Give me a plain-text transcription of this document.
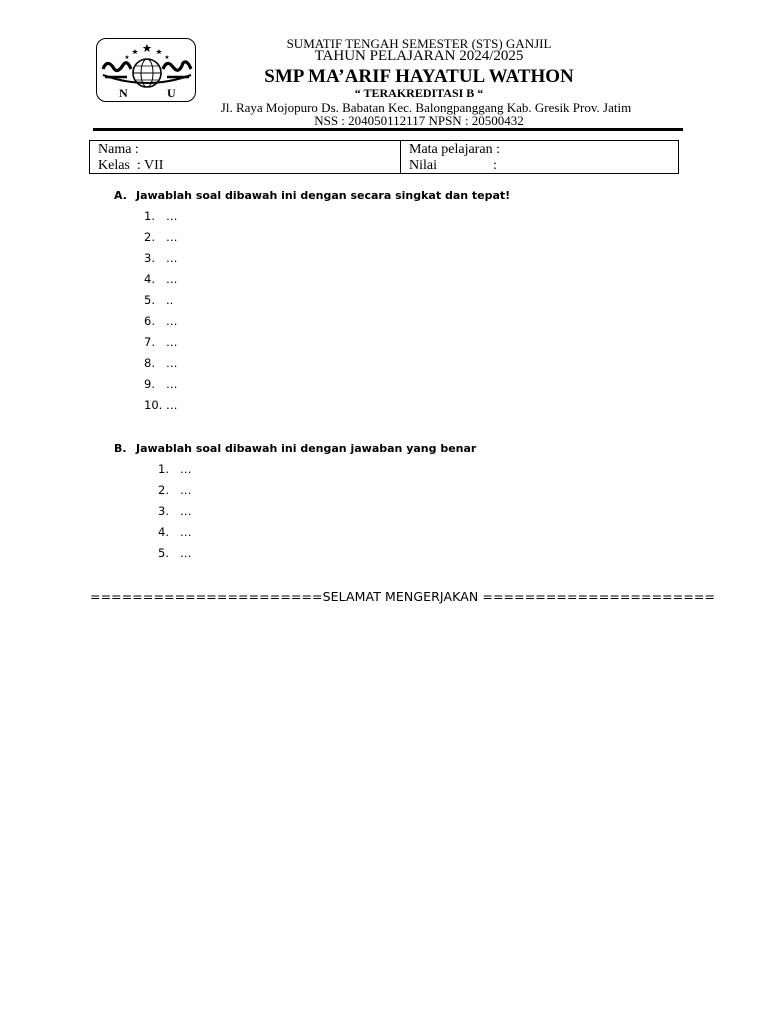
N	U
SUMATIF TENGAH SEMESTER (STS) GANJIL
TAHUN PELAJARAN 2024/2025
SMP MA’ARIF HAYATUL WATHON
“ TERAKREDITASI B “
Jl. Raya Mojopuro Ds. Babatan Kec. Balongpanggang Kab. Gresik Prov. Jatim
NSS : 204050112117 NPSN : 20500432
Nama :
Kelas  : VII
Mata pelajaran :
Nilai                :
A. Jawablah soal dibawah ini dengan secara singkat dan tepat!
1. …
2. …
3. …
4. …
5. ..
6. …
7. …
8. …
9. …
10. …
B. Jawablah soal dibawah ini dengan jawaban yang benar
1. …
2. …
3. …
4. …
5. …
======================SELAMAT MENGERJAKAN ======================
